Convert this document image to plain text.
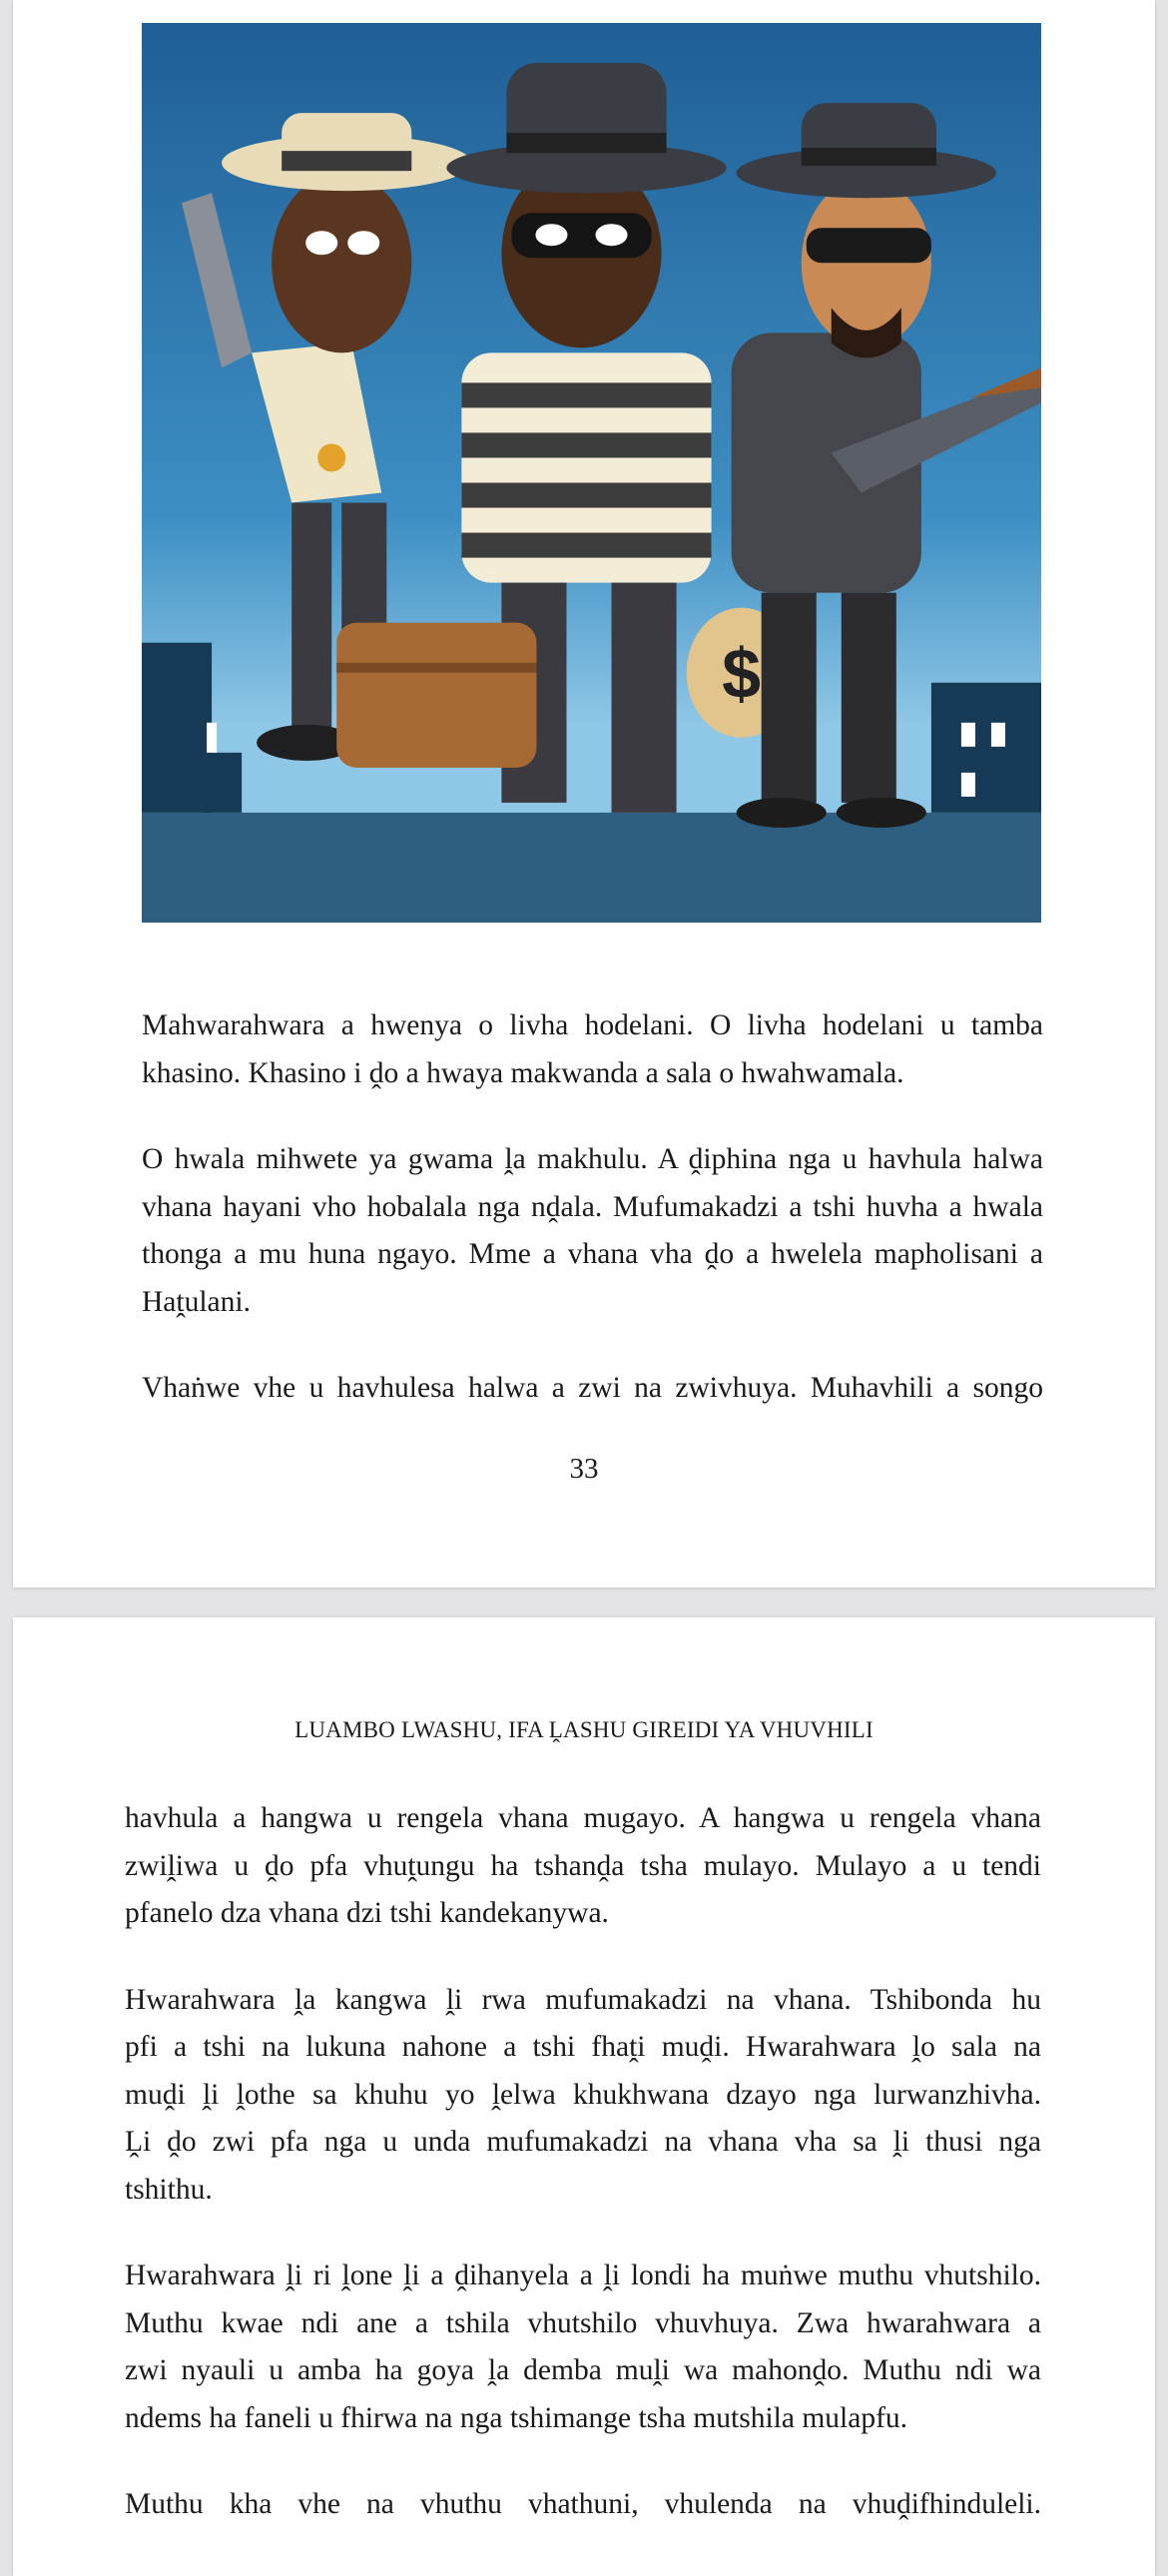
$
Mahwarahwara a hwenya o livha hodelani. O livha hodelani u tamba
khasino. Khasino i ḓo a hwaya makwanda a sala o hwahwamala.
O hwala mihwete ya gwama ḽa makhulu. A ḓiphina nga u havhula halwa
vhana hayani vho hobalala nga nḓala. Mufumakadzi a tshi huvha a hwala
thonga a mu huna ngayo. Mme a vhana vha ḓo a hwelela mapholisani a
Haṱulani.
Vhaṅwe vhe u havhulesa halwa a zwi na zwivhuya. Muhavhili a songo
33
LUAMBO LWASHU, IFA ḼASHU GIREIDI YA VHUVHILI
havhula a hangwa u rengela vhana mugayo. A hangwa u rengela vhana
zwiḽiwa u ḓo pfa vhuṱungu ha tshanḓa tsha mulayo. Mulayo a u tendi
pfanelo dza vhana dzi tshi kandekanywa.
Hwarahwara ḽa kangwa ḽi rwa mufumakadzi na vhana. Tshibonda hu
pfi a tshi na lukuna nahone a tshi fhaṱi muḓi. Hwarahwara ḽo sala na
muḓi ḽi ḽothe sa khuhu yo ḽelwa khukhwana dzayo nga lurwanzhivha.
Ḽi ḓo zwi pfa nga u unda mufumakadzi na vhana vha sa ḽi thusi nga
tshithu.
Hwarahwara ḽi ri ḽone ḽi a ḓihanyela a ḽi londi ha muṅwe muthu vhutshilo.
Muthu kwae ndi ane a tshila vhutshilo vhuvhuya. Zwa hwarahwara a
zwi nyauli u amba ha goya ḽa demba muḽi wa mahonḓo. Muthu ndi wa
ndems ha faneli u fhirwa na nga tshimange tsha mutshila mulapfu.
Muthu kha vhe na vhuthu vhathuni, vhulenda na vhuḓifhinduleli.
